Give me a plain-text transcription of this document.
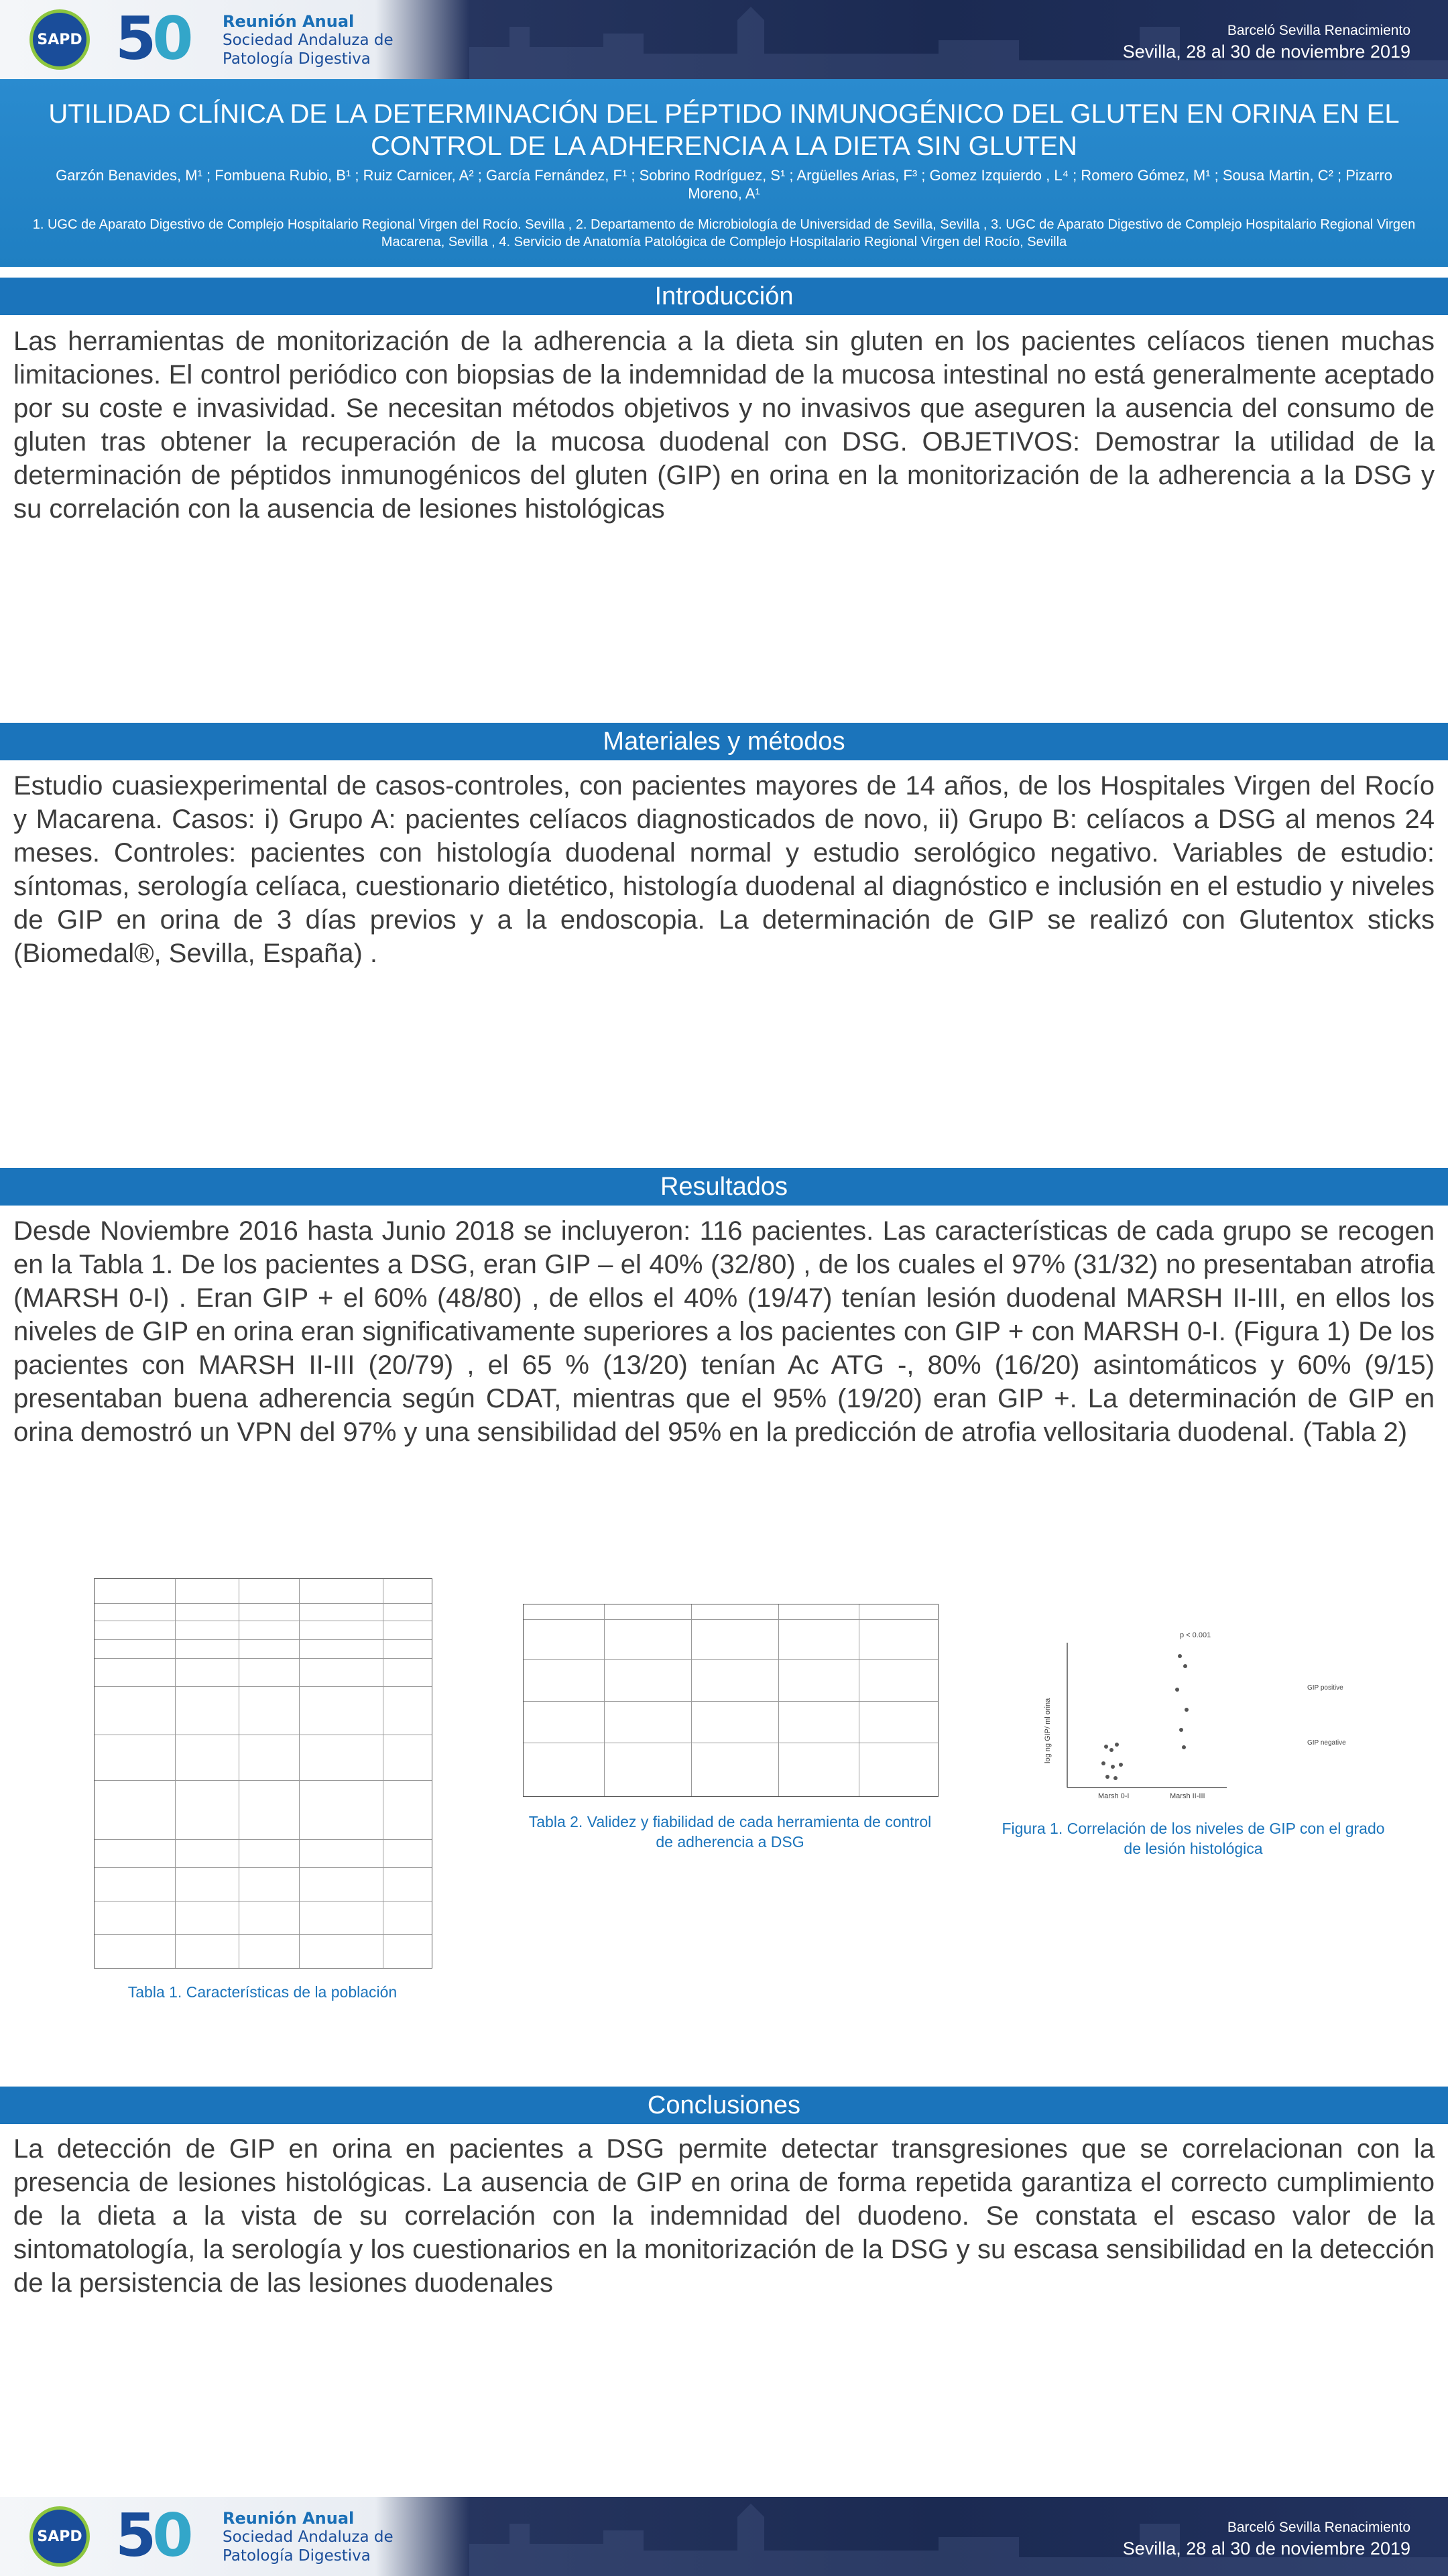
SAPD 50 Reunión Anual
Sociedad Andaluza de
Patología Digestiva
Barceló Sevilla Renacimiento
Sevilla, 28 al 30 de noviembre 2019
UTILIDAD CLÍNICA DE LA DETERMINACIÓN DEL PÉPTIDO INMUNOGÉNICO DEL GLUTEN EN ORINA EN EL CONTROL DE LA ADHERENCIA A LA DIETA SIN GLUTEN
Garzón Benavides, M¹ ; Fombuena Rubio, B¹ ; Ruiz Carnicer, A² ; García Fernández, F¹ ; Sobrino Rodríguez, S¹ ; Argüelles Arias, F³ ; Gomez Izquierdo , L⁴ ; Romero Gómez, M¹ ; Sousa Martin, C² ; Pizarro Moreno, A¹
1. UGC de Aparato Digestivo de Complejo Hospitalario Regional Virgen del Rocío. Sevilla , 2. Departamento de Microbiología de Universidad de Sevilla, Sevilla , 3. UGC de Aparato Digestivo de Complejo Hospitalario Regional Virgen Macarena, Sevilla , 4. Servicio de Anatomía Patológica de Complejo Hospitalario Regional Virgen del Rocío, Sevilla
Introducción
Las herramientas de monitorización de la adherencia a la dieta sin gluten en los pacientes celíacos tienen muchas limitaciones. El control periódico con biopsias de la indemnidad de la mucosa intestinal no está generalmente aceptado por su coste e invasividad. Se necesitan métodos objetivos y no invasivos que aseguren la ausencia del consumo de gluten tras obtener la recuperación de la mucosa duodenal con DSG. OBJETIVOS: Demostrar la utilidad de la determinación de péptidos inmunogénicos del gluten (GIP) en orina en la monitorización de la adherencia a la DSG y su correlación con la ausencia de lesiones histológicas
Materiales y métodos
Estudio cuasiexperimental de casos-controles, con pacientes mayores de 14 años, de los Hospitales Virgen del Rocío y Macarena. Casos: i) Grupo A: pacientes celíacos diagnosticados de novo, ii) Grupo B: celíacos a DSG al menos 24 meses. Controles: pacientes con histología duodenal normal y estudio serológico negativo. Variables de estudio: síntomas, serología celíaca, cuestionario dietético, histología duodenal al diagnóstico e inclusión en el estudio y niveles de GIP en orina de 3 días previos y a la endoscopia. La determinación de GIP se realizó con Glutentox sticks (Biomedal®, Sevilla, España) .
Resultados
Desde Noviembre 2016 hasta Junio 2018 se incluyeron: 116 pacientes. Las características de cada grupo se recogen en la Tabla 1. De los pacientes a DSG, eran GIP – el 40% (32/80) , de los cuales el 97% (31/32) no presentaban atrofia (MARSH 0-I) . Eran GIP + el 60% (48/80) , de ellos el 40% (19/47) tenían lesión duodenal MARSH II-III, en ellos los niveles de GIP en orina eran significativamente superiores a los pacientes con GIP + con MARSH 0-I. (Figura 1) De los pacientes con MARSH II-III (20/79) , el 65 % (13/20) tenían Ac ATG -, 80% (16/20) asintomáticos y 60% (9/15) presentaban buena adherencia según CDAT, mientras que el 95% (19/20) eran GIP +. La determinación de GIP en orina demostró un VPN del 97% y una sensibilidad del 95% en la predicción de atrofia vellositaria duodenal. (Tabla 2)
Tabla 1. Características de la población
Tabla 2. Validez y fiabilidad de cada herramienta de control de adherencia a DSG
p < 0.001
log ng GIP/ ml orina
Marsh 0-I	Marsh II-III
GIP positive
GIP negative
Figura 1. Correlación de los niveles de GIP con el grado de lesión histológica
Conclusiones
La detección de GIP en orina en pacientes a DSG permite detectar transgresiones que se correlacionan con la presencia de lesiones histológicas. La ausencia de GIP en orina de forma repetida garantiza el correcto cumplimiento de la dieta a la vista de su correlación con la indemnidad del duodeno. Se constata el escaso valor de la sintomatología, la serología y los cuestionarios en la monitorización de la DSG y su escasa sensibilidad en la detección de la persistencia de las lesiones duodenales
SAPD 50 Reunión Anual
Sociedad Andaluza de
Patología Digestiva
Barceló Sevilla Renacimiento
Sevilla, 28 al 30 de noviembre 2019
